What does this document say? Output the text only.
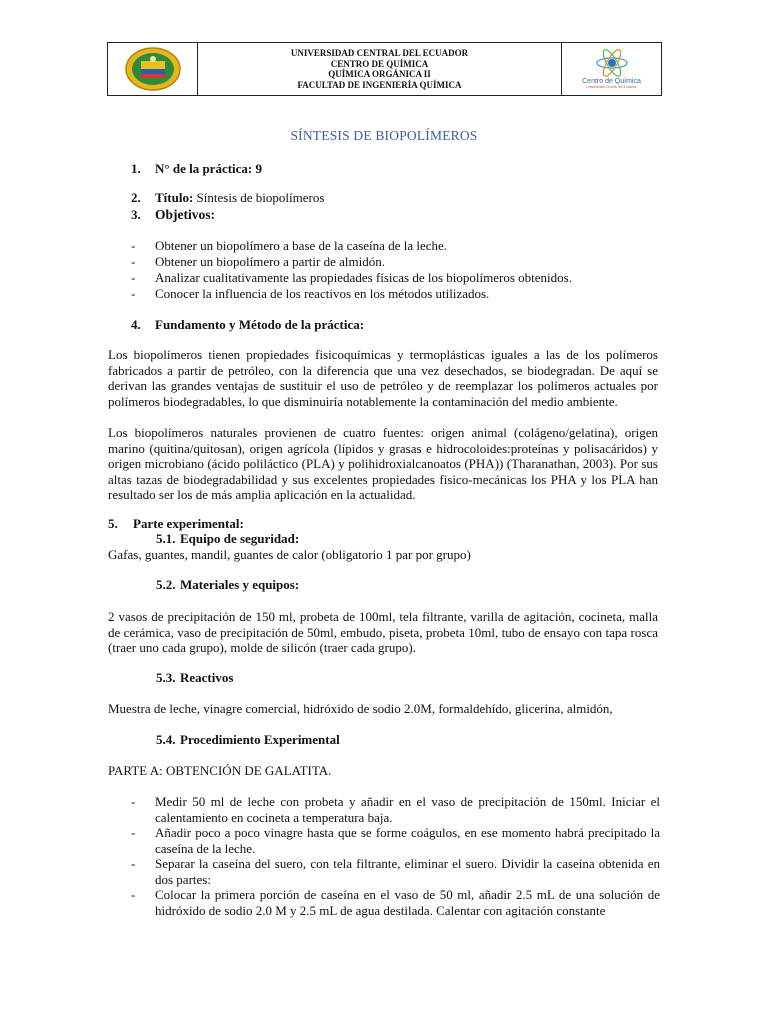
UNIVERSIDAD CENTRAL DEL ECUADOR
CENTRO DE QUÍMICA
QUÍMICA ORGÁNICA II
FACULTAD DE INGENIERÍA QUÍMICA	Centro de Química
Universidad Central del Ecuador
SÍNTESIS DE BIOPOLÍMEROS
1. N° de la práctica: 9
2. Título: Síntesis de biopolímeros
3. Objetivos:
- Obtener un biopolímero a base de la caseína de la leche.
- Obtener un biopolímero a partir de almidón.
- Analizar cualitativamente las propiedades físicas de los biopolímeros obtenidos.
- Conocer la influencia de los reactivos en los métodos utilizados.
4. Fundamento y Método de la práctica:
Los biopolímeros tienen propiedades fisicoquímicas y termoplásticas iguales a las de los polímeros fabricados a partir de petróleo, con la diferencia que una vez desechados, se biodegradan. De aquí se derivan las grandes ventajas de sustituir el uso de petróleo y de reemplazar los polímeros actuales por polímeros biodegradables, lo que disminuiría notablemente la contaminación del medio ambiente.
Los biopolímeros naturales provienen de cuatro fuentes: origen animal (colágeno/gelatina), origen marino (quitina/quitosan), origen agrícola (lípidos y grasas e hidrocoloides:proteínas y polisacáridos) y origen microbiano (ácido poliláctico (PLA) y polihidroxialcanoatos (PHA)) (Tharanathan, 2003). Por sus altas tazas de biodegradabilidad y sus excelentes propiedades fisico-mecánicas los PHA y los PLA han resultado ser los de más amplia aplicación en la actualidad.
5. Parte experimental:
5.1. Equipo de seguridad:
Gafas, guantes, mandil, guantes de calor (obligatorio 1 par por grupo)
5.2. Materiales y equipos:
2 vasos de precipitación de 150 ml, probeta de 100ml, tela filtrante, varilla de agitación, cocineta, malla de cerámica, vaso de precipitación de 50ml, embudo, piseta, probeta 10ml, tubo de ensayo con tapa rosca (traer uno cada grupo), molde de silicón (traer cada grupo).
5.3. Reactivos
Muestra de leche, vinagre comercial, hidróxido de sodio 2.0M, formaldehído, glicerina, almidón,
5.4. Procedimiento Experimental
PARTE A: OBTENCIÓN DE GALATITA.
- Medir 50 ml de leche con probeta y añadir en el vaso de precipitación de 150ml. Iniciar el calentamiento en cocineta a temperatura baja.
- Añadir poco a poco vinagre hasta que se forme coágulos, en ese momento habrá precipitado la caseína de la leche.
- Separar la caseína del suero, con tela filtrante, eliminar el suero. Dividir la caseína obtenida en dos partes:
- Colocar la primera porción de caseína en el vaso de 50 ml, añadir 2.5 mL de una solución de hidróxido de sodio 2.0 M y 2.5 mL de agua destilada. Calentar con agitación constante
